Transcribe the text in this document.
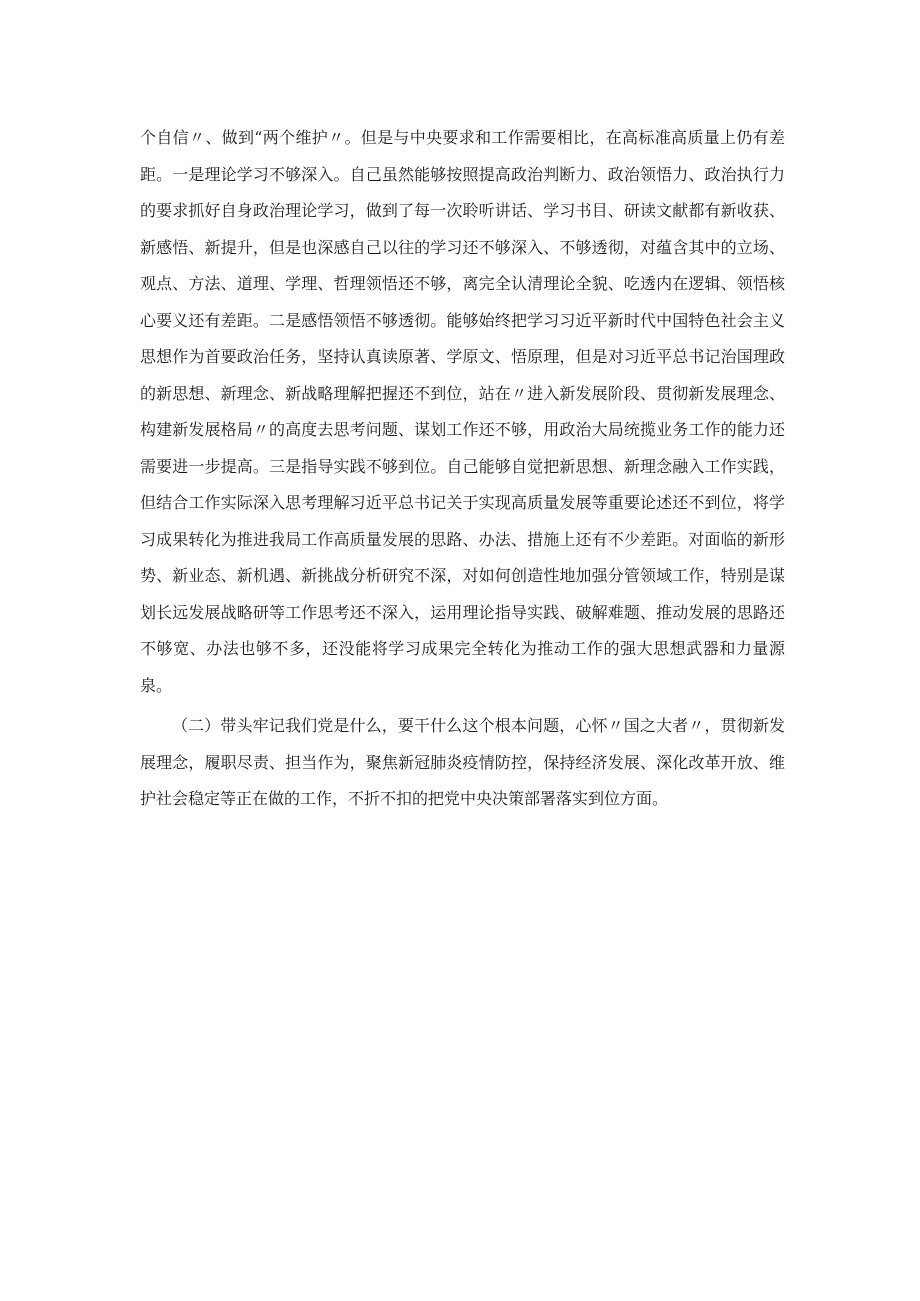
个自信〃、做到“两个维护〃。但是与中央要求和工作需要相比，在高标准高质量上仍有差距。一是理论学习不够深入。自己虽然能够按照提高政治判断力、政治领悟力、政治执行力的要求抓好自身政治理论学习，做到了每一次聆听讲话、学习书目、研读文献都有新收获、新感悟、新提升，但是也深感自己以往的学习还不够深入、不够透彻，对蕴含其中的立场、观点、方法、道理、学理、哲理领悟还不够，离完全认清理论全貌、吃透内在逻辑、领悟核心要义还有差距。二是感悟领悟不够透彻。能够始终把学习习近平新时代中国特色社会主义思想作为首要政治任务，坚持认真读原著、学原文、悟原理，但是对习近平总书记治国理政的新思想、新理念、新战略理解把握还不到位，站在〃进入新发展阶段、贯彻新发展理念、构建新发展格局〃的高度去思考问题、谋划工作还不够，用政治大局统揽业务工作的能力还需要进一步提高。三是指导实践不够到位。自己能够自觉把新思想、新理念融入工作实践，但结合工作实际深入思考理解习近平总书记关于实现高质量发展等重要论述还不到位，将学习成果转化为推进我局工作高质量发展的思路、办法、措施上还有不少差距。对面临的新形势、新业态、新机遇、新挑战分析研究不深，对如何创造性地加强分管领域工作，特别是谋划长远发展战略研等工作思考还不深入，运用理论指导实践、破解难题、推动发展的思路还不够宽、办法也够不多，还没能将学习成果完全转化为推动工作的强大思想武器和力量源泉。

（二）带头牢记我们党是什么，要干什么这个根本问题，心怀〃国之大者〃，贯彻新发展理念，履职尽责、担当作为，聚焦新冠肺炎疫情防控，保持经济发展、深化改革开放、维护社会稳定等正在做的工作，不折不扣的把党中央决策部署落实到位方面。
